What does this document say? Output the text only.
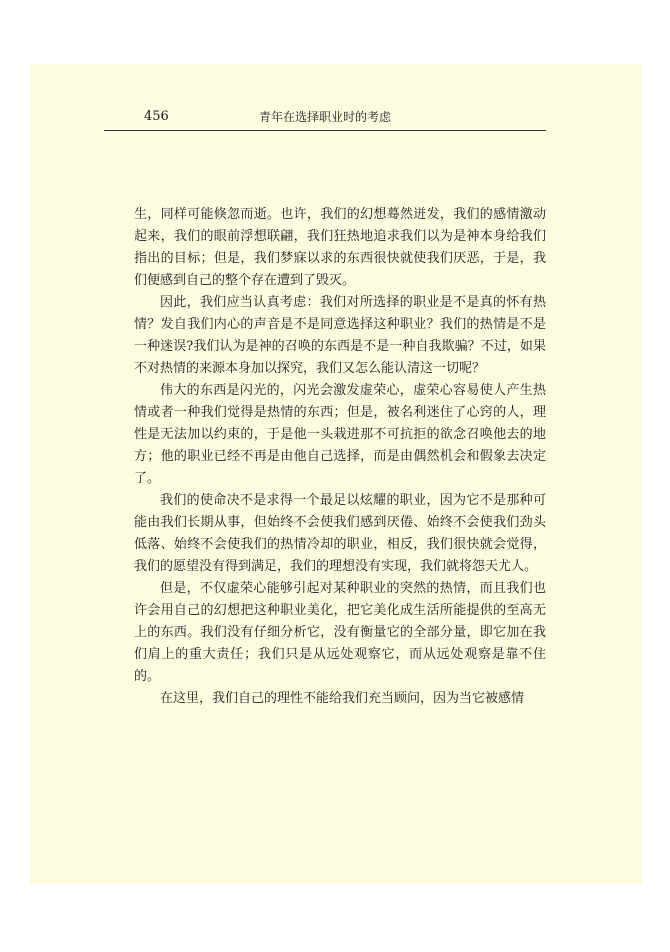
456	青年在选择职业时的考虑

生，同样可能倏忽而逝。也许，我们的幻想蓦然迸发，我们的感情激动起来，我们的眼前浮想联翩，我们狂热地追求我们以为是神本身给我们指出的目标；但是，我们梦寐以求的东西很快就使我们厌恶，于是，我们便感到自己的整个存在遭到了毁灭。

因此，我们应当认真考虑：我们对所选择的职业是不是真的怀有热情？发自我们内心的声音是不是同意选择这种职业？我们的热情是不是一种迷误?我们认为是神的召唤的东西是不是一种自我欺骗？不过，如果不对热情的来源本身加以探究，我们又怎么能认清这一切呢？

伟大的东西是闪光的，闪光会激发虚荣心，虚荣心容易使人产生热情或者一种我们觉得是热情的东西；但是，被名利迷住了心窍的人，理性是无法加以约束的，于是他一头栽进那不可抗拒的欲念召唤他去的地方；他的职业已经不再是由他自己选择，而是由偶然机会和假象去决定了。

我们的使命决不是求得一个最足以炫耀的职业，因为它不是那种可能由我们长期从事，但始终不会使我们感到厌倦、始终不会使我们劲头低落、始终不会使我们的热情冷却的职业，相反，我们很快就会觉得，我们的愿望没有得到满足，我们的理想没有实现，我们就将怨天尤人。

但是，不仅虚荣心能够引起对某种职业的突然的热情，而且我们也许会用自己的幻想把这种职业美化，把它美化成生活所能提供的至高无上的东西。我们没有仔细分析它，没有衡量它的全部分量，即它加在我们肩上的重大责任；我们只是从远处观察它，而从远处观察是靠不住的。

在这里，我们自己的理性不能给我们充当顾问，因为当它被感情
